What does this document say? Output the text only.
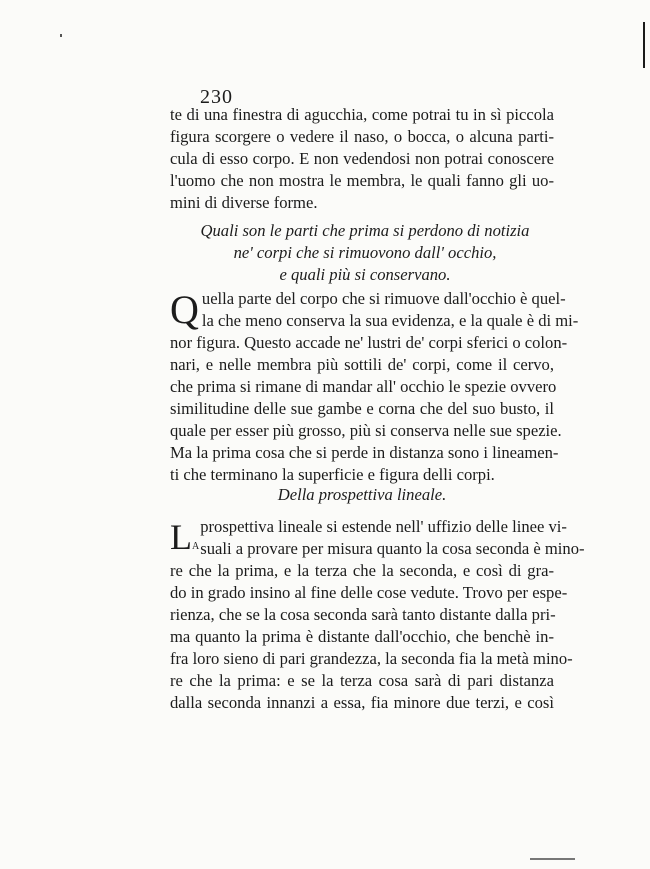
230
te di una finestra di agucchia, come potrai tu in sì piccola
figura scorgere o vedere il naso, o bocca, o alcuna parti-
cula di esso corpo. E non vedendosi non potrai conoscere
l'uomo che non mostra le membra, le quali fanno gli uo-
mini di diverse forme.
Quali son le parti che prima si perdono di notizia
ne' corpi che si rimuovono dall' occhio,
e quali più si conservano.
Q uella parte del corpo che si rimuove dall'occhio è quel-
la che meno conserva la sua evidenza, e la quale è di mi-
nor figura. Questo accade ne' lustri de' corpi sferici o colon-
nari, e nelle membra più sottili de' corpi, come il cervo,
che prima si rimane di mandar all' occhio le spezie ovvero
similitudine delle sue gambe e corna che del suo busto, il
quale per esser più grosso, più si conserva nelle sue spezie.
Ma la prima cosa che si perde in distanza sono i lineamen-
ti che terminano la superficie e figura delli corpi.
Della prospettiva lineale.
La
prospettiva lineale si estende nell' uffizio delle linee vi-
suali a provare per misura quanto la cosa seconda è mino-
re che la prima, e la terza che la seconda, e così di gra-
do in grado insino al fine delle cose vedute. Trovo per espe-
rienza, che se la cosa seconda sarà tanto distante dalla pri-
ma quanto la prima è distante dall'occhio, che benchè in-
fra loro sieno di pari grandezza, la seconda fia la metà mino-
re che la prima: e se la terza cosa sarà di pari distanza
dalla seconda innanzi a essa, fia minore due terzi, e così
